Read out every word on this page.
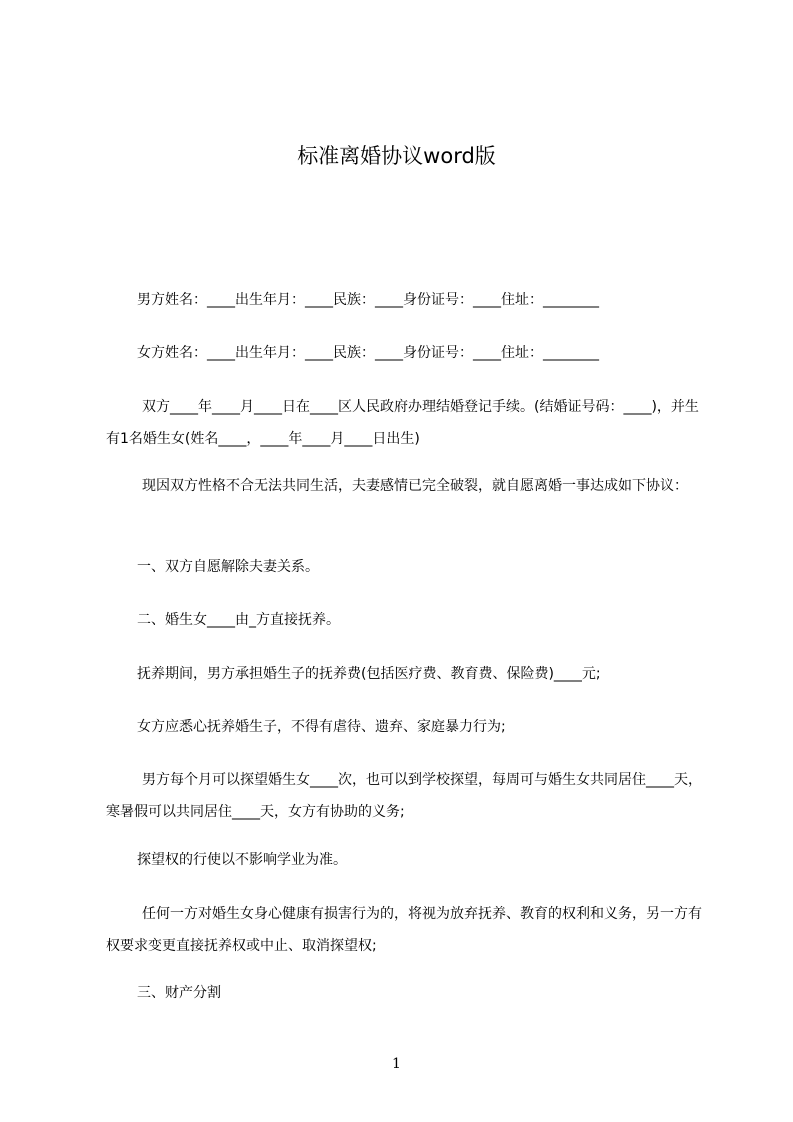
标准离婚协议word版

男方姓名：____出生年月：____民族：____身份证号：____住址：________

女方姓名：____出生年月：____民族：____身份证号：____住址：________

双方____年____月____日在____区人民政府办理结婚登记手续。(结婚证号码：____)，并生有1名婚生女(姓名____，____年____月____日出生)

现因双方性格不合无法共同生活，夫妻感情已完全破裂，就自愿离婚一事达成如下协议：

一、双方自愿解除夫妻关系。

二、婚生女____由_方直接抚养。

抚养期间，男方承担婚生子的抚养费(包括医疗费、教育费、保险费)____元;

女方应悉心抚养婚生子，不得有虐待、遗弃、家庭暴力行为;

男方每个月可以探望婚生女____次，也可以到学校探望，每周可与婚生女共同居住____天，寒暑假可以共同居住____天，女方有协助的义务;

探望权的行使以不影响学业为准。

任何一方对婚生女身心健康有损害行为的，将视为放弃抚养、教育的权利和义务，另一方有权要求变更直接抚养权或中止、取消探望权;

三、财产分割

1
